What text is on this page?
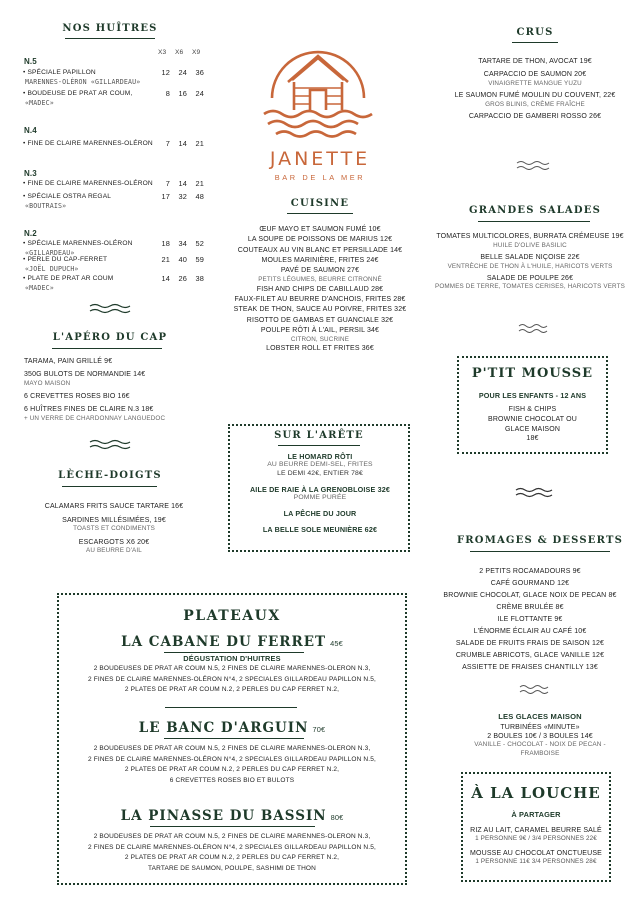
NOS HUÎTRES
X3 X6 X9
N.5
• SPÉCIALE PAPILLON
MARENNES-OLÉRON «GILLARDEAU»
12	24	36
• BOUDEUSE DE PRAT AR COUM,
«MADEC»
8	16	24
N.4
• FINE DE CLAIRE MARENNES-OLÉRON	7	14	21
N.3
• FINE DE CLAIRE MARENNES-OLÉRON	7	14	21
• SPÉCIALE OSTRA REGAL
«BOUTRAIS»
17	32	48
N.2
• SPÉCIALE MARENNES-OLÉRON
«GILLARDEAU»
18	34	52
• PERLE DU CAP-FERRET
«JOËL DUPUCH»
21	40	59
• PLATE DE PRAT AR COUM
«MADEC»
14	26	38
L'APÉRO DU CAP
TARAMA, PAIN GRILLÉ 9€
350G BULOTS DE NORMANDIE 14€
MAYO MAISON
6 CREVETTES ROSES BIO 16€
6 HUÎTRES FINES DE CLAIRE N.3 18€
+ UN VERRE DE CHARDONNAY LANGUEDOC
LÈCHE-DOIGTS
CALAMARS FRITS SAUCE TARTARE 16€
SARDINES MILLÉSIMÉES, 19€
TOASTS ET CONDIMENTS
ESCARGOTS X6 20€
AU BEURRE D'AIL
JANETTE
BAR DE LA MER
CUISINE
ŒUF MAYO ET SAUMON FUMÉ 10€
LA SOUPE DE POISSONS DE MARIUS 12€
COUTEAUX AU VIN BLANC ET PERSILLADE 14€
MOULES MARINIÈRE, FRITES 24€
PAVÉ DE SAUMON 27€
PETITS LÉGUMES, BEURRE CITRONNÉ
FISH AND CHIPS DE CABILLAUD 28€
FAUX-FILET AU BEURRE D'ANCHOIS, FRITES 28€
STEAK DE THON, SAUCE AU POIVRE, FRITES 32€
RISOTTO DE GAMBAS ET GUANCIALE 32€
POULPE RÔTI À L'AIL, PERSIL 34€
CITRON, SUCRINE
LOBSTER ROLL ET FRITES 36€
SUR L'ARÊTE
LE HOMARD RÔTI
AU BEURRE DEMI-SEL, FRITES
LE DEMI 42€, ENTIER 78€
AILE DE RAIE À LA GRENOBLOISE 32€
POMME PURÉE
LA PÊCHE DU JOUR
LA BELLE SOLE MEUNIÈRE 62€
CRUS
TARTARE DE THON, AVOCAT 19€
CARPACCIO DE SAUMON 20€
VINAIGRETTE MANGUE YUZU
LE SAUMON FUMÉ MOULIN DU COUVENT, 22€
GROS BLINIS, CRÈME FRAÎCHE
CARPACCIO DE GAMBERI ROSSO 26€
GRANDES SALADES
TOMATES MULTICOLORES, BURRATA CRÉMEUSE 19€
HUILE D'OLIVE BASILIC
BELLE SALADE NIÇOISE 22€
VENTRÈCHE DE THON À L'HUILE, HARICOTS VERTS
SALADE DE POULPE 26€
POMMES DE TERRE, TOMATES CERISES, HARICOTS VERTS
P'TIT MOUSSE
POUR LES ENFANTS - 12 ANS
FISH & CHIPS
BROWNIE CHOCOLAT OU
GLACE MAISON
18€
FROMAGES & DESSERTS
2 PETITS ROCAMADOURS 9€
CAFÉ GOURMAND 12€
BROWNIE CHOCOLAT, GLACE NOIX DE PECAN 8€
CRÈME BRULÉE 8€
ILE FLOTTANTE 9€
L'ÉNORME ÉCLAIR AU CAFÉ 10€
SALADE DE FRUITS FRAIS DE SAISON 12€
CRUMBLE ABRICOTS, GLACE VANILLE 12€
ASSIETTE DE FRAISES CHANTILLY 13€
LES GLACES MAISON
TURBINÉES «MINUTE»
2 BOULES 10€ / 3 BOULES 14€
VANILLE - CHOCOLAT - NOIX DE PECAN -
FRAMBOISE
À LA LOUCHE
À PARTAGER
RIZ AU LAIT, CARAMEL BEURRE SALÉ
1 PERSONNE 9€ / 3/4 PERSONNES 22€
MOUSSE AU CHOCOLAT ONCTUEUSE
1 PERSONNE 11€ 3/4 PERSONNES 28€
PLATEAUX
LA CABANE DU FERRET 45€
DÉGUSTATION D'HUITRES
2 BOUDEUSES DE PRAT AR COUM N.5, 2 FINES DE CLAIRE MARENNES-OLERON N.3,
2 FINES DE CLAIRE MARENNES-OLÉRON N°4, 2 SPECIALES GILLARDEAU PAPILLON N.5,
2 PLATES DE PRAT AR COUM N.2, 2 PERLES DU CAP FERRET N.2,
LE BANC D'ARGUIN 70€
2 BOUDEUSES DE PRAT AR COUM N.5, 2 FINES DE CLAIRE MARENNES-OLERON N.3,
2 FINES DE CLAIRE MARENNES-OLÉRON N°4, 2 SPECIALES GILLARDEAU PAPILLON N.5,
2 PLATES DE PRAT AR COUM N.2, 2 PERLES DU CAP FERRET N.2,
6 CREVETTES ROSES BIO ET BULOTS
LA PINASSE DU BASSIN 80€
2 BOUDEUSES DE PRAT AR COUM N.5, 2 FINES DE CLAIRE MARENNES-OLERON N.3,
2 FINES DE CLAIRE MARENNES-OLÉRON N°4, 2 SPECIALES GILLARDEAU PAPILLON N.5,
2 PLATES DE PRAT AR COUM N.2, 2 PERLES DU CAP FERRET N.2,
TARTARE DE SAUMON, POULPE, SASHIMI DE THON
